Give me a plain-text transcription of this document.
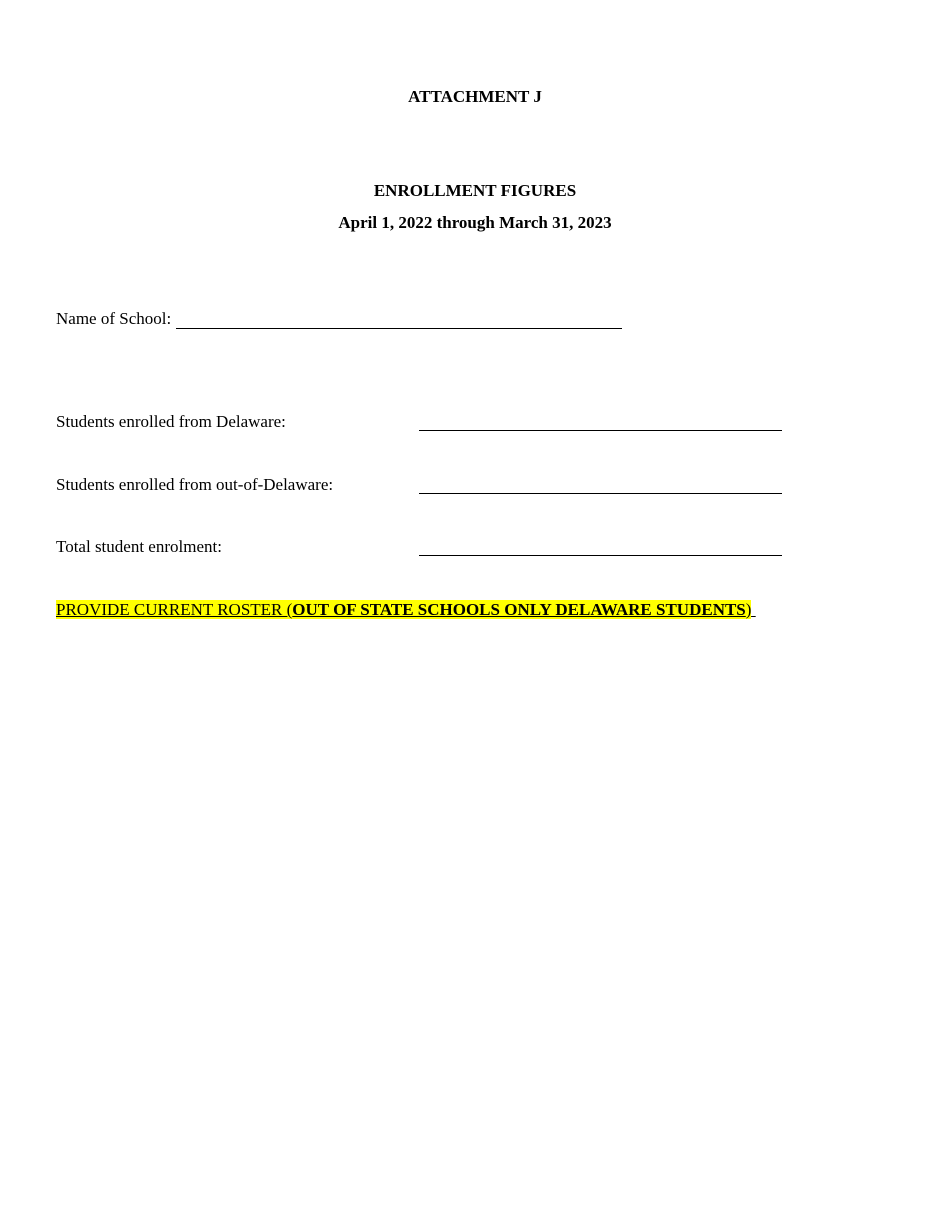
ATTACHMENT J
ENROLLMENT FIGURES
April 1, 2022 through March 31, 2023
Name of School:
Students enrolled from Delaware:
Students enrolled from out-of-Delaware:
Total student enrolment:
PROVIDE CURRENT ROSTER (OUT OF STATE SCHOOLS ONLY DELAWARE STUDENTS)
